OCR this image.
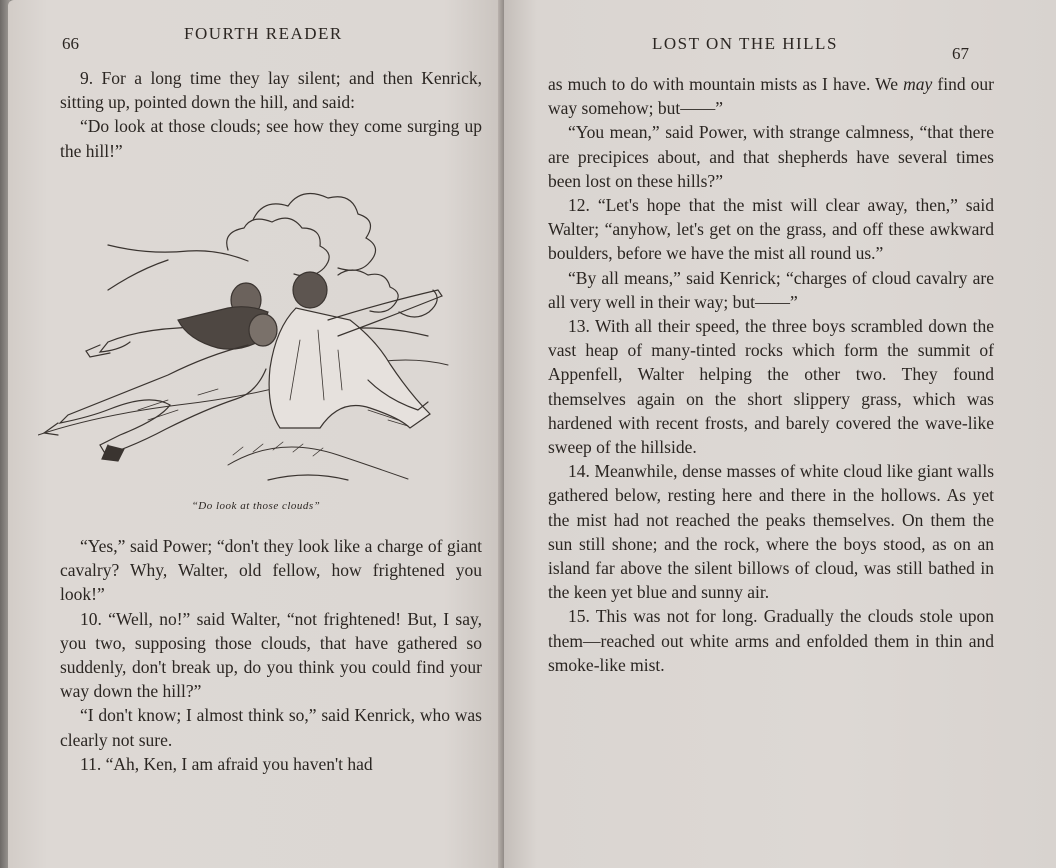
66
FOURTH READER

9. For a long time they lay silent; and then Kenrick, sitting up, pointed down the hill, and said:

“Do look at those clouds; see how they come surging up the hill!”

“Do look at those clouds”

“Yes,” said Power; “don't they look like a charge of giant cavalry? Why, Walter, old fellow, how frightened you look!”

10. “Well, no!” said Walter, “not frightened! But, I say, you two, supposing those clouds, that have gathered so suddenly, don't break up, do you think you could find your way down the hill?”

“I don't know; I almost think so,” said Kenrick, who was clearly not sure.

11. “Ah, Ken, I am afraid you haven't had

LOST ON THE HILLS
67

as much to do with mountain mists as I have. We may find our way somehow; but——”

“You mean,” said Power, with strange calmness, “that there are precipices about, and that shepherds have several times been lost on these hills?”

12. “Let's hope that the mist will clear away, then,” said Walter; “anyhow, let's get on the grass, and off these awkward boulders, before we have the mist all round us.”

“By all means,” said Kenrick; “charges of cloud cavalry are all very well in their way; but——”

13. With all their speed, the three boys scrambled down the vast heap of many-tinted rocks which form the summit of Appenfell, Walter helping the other two. They found themselves again on the short slippery grass, which was hardened with recent frosts, and barely covered the wave-like sweep of the hillside.

14. Meanwhile, dense masses of white cloud like giant walls gathered below, resting here and there in the hollows. As yet the mist had not reached the peaks themselves. On them the sun still shone; and the rock, where the boys stood, as on an island far above the silent billows of cloud, was still bathed in the keen yet blue and sunny air.

15. This was not for long. Gradually the clouds stole upon them—reached out white arms and enfolded them in thin and smoke-like mist.
